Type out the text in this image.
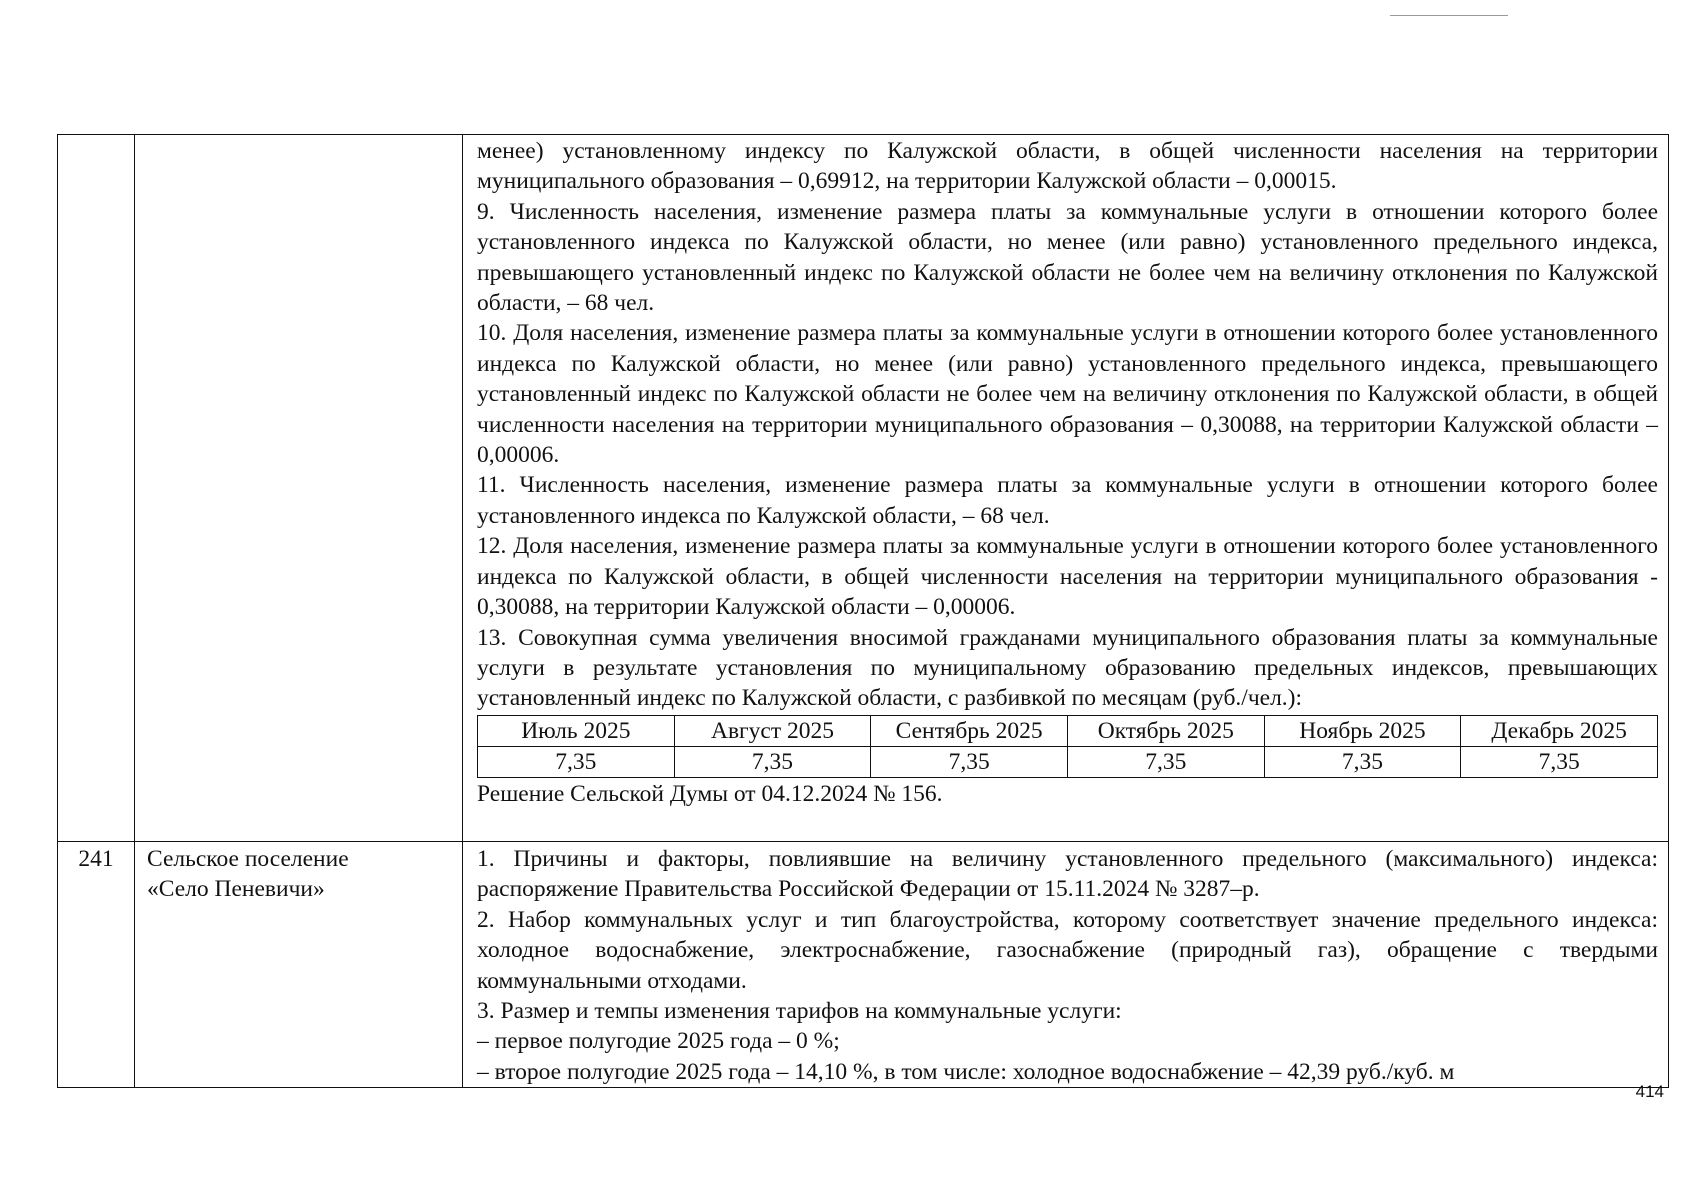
менее) установленному индексу по Калужской области, в общей численности населения на территории муниципального образования – 0,69912, на территории Калужской области – 0,00015.

9. Численность населения, изменение размера платы за коммунальные услуги в отношении которого более установленного индекса по Калужской области, но менее (или равно) установленного предельного индекса, превышающего установленный индекс по Калужской области не более чем на величину отклонения по Калужской области, – 68 чел.

10. Доля населения, изменение размера платы за коммунальные услуги в отношении которого более установленного индекса по Калужской области, но менее (или равно) установленного предельного индекса, превышающего установленный индекс по Калужской области не более чем на величину отклонения по Калужской области, в общей численности населения на территории муниципального образования – 0,30088, на территории Калужской области – 0,00006.

11. Численность населения, изменение размера платы за коммунальные услуги в отношении которого более установленного индекса по Калужской области, – 68 чел.

12. Доля населения, изменение размера платы за коммунальные услуги в отношении которого более установленного индекса по Калужской области, в общей численности населения на территории муниципального образования - 0,30088, на территории Калужской области – 0,00006.

13. Совокупная сумма увеличения вносимой гражданами муниципального образования платы за коммунальные услуги в результате установления по муниципальному образованию предельных индексов, превышающих установленный индекс по Калужской области, с разбивкой по месяцам (руб./чел.):

Июль 2025	Август 2025	Сентябрь 2025	Октябрь 2025	Ноябрь 2025	Декабрь 2025
7,35	7,35	7,35	7,35	7,35	7,35

Решение Сельской Думы от 04.12.2024 № 156.

241	Сельское поселение
«Село Пеневичи»

1. Причины и факторы, повлиявшие на величину установленного предельного (максимального) индекса: распоряжение Правительства Российской Федерации от 15.11.2024 № 3287–р.

2. Набор коммунальных услуг и тип благоустройства, которому соответствует значение предельного индекса: холодное водоснабжение, электроснабжение, газоснабжение (природный газ), обращение с твердыми коммунальными отходами.

3. Размер и темпы изменения тарифов на коммунальные услуги:

– первое полугодие 2025 года – 0 %;

– второе полугодие 2025 года – 14,10 %, в том числе: холодное водоснабжение – 42,39 руб./куб. м

414
